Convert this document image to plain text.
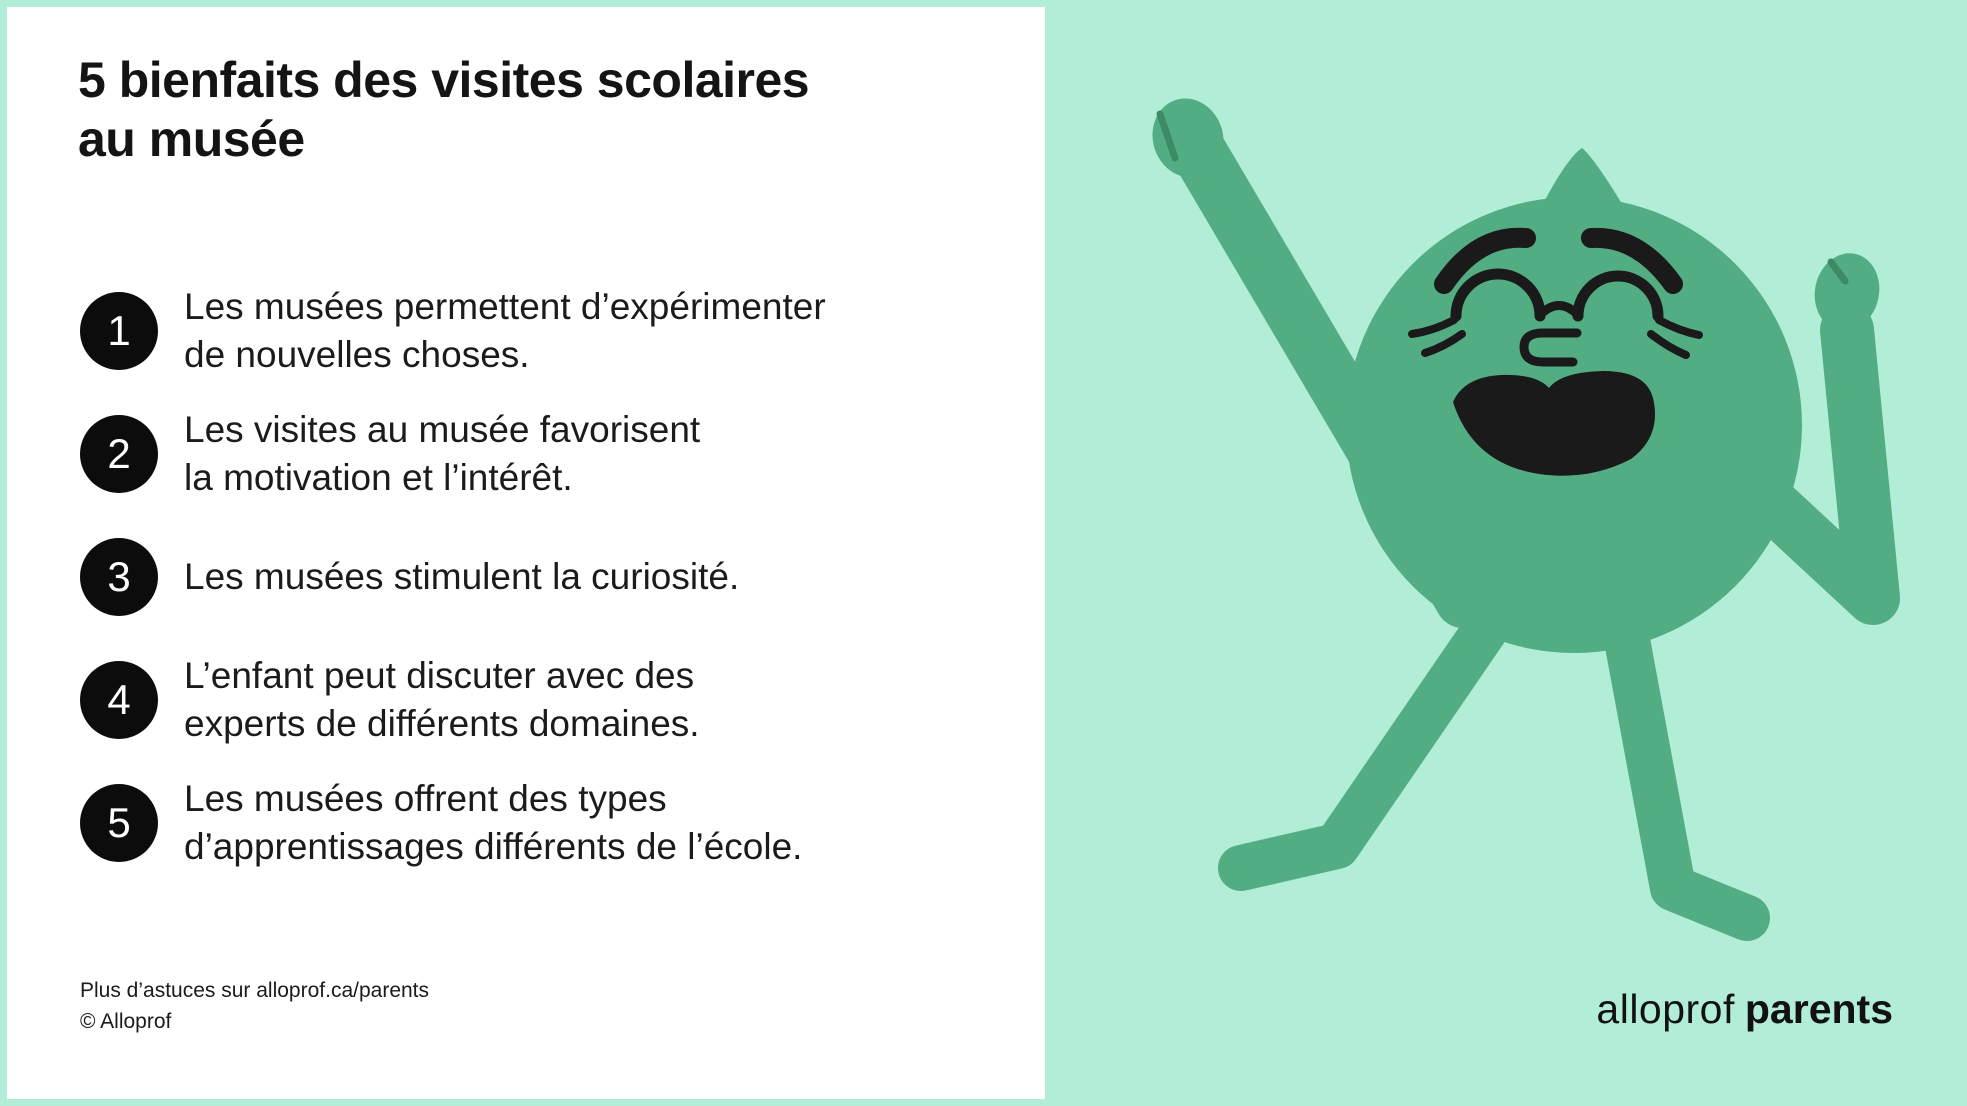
5 bienfaits des visites scolaires
au musée
1
Les musées permettent d’expérimenter
de nouvelles choses.
2
Les visites au musée favorisent
la motivation et l’intérêt.
3 Les musées stimulent la curiosité.
4
L’enfant peut discuter avec des
experts de différents domaines.
5
Les musées offrent des types
d’apprentissages différents de l’école.
Plus d’astuces sur alloprof.ca/parents
© Alloprof	alloprof parents
